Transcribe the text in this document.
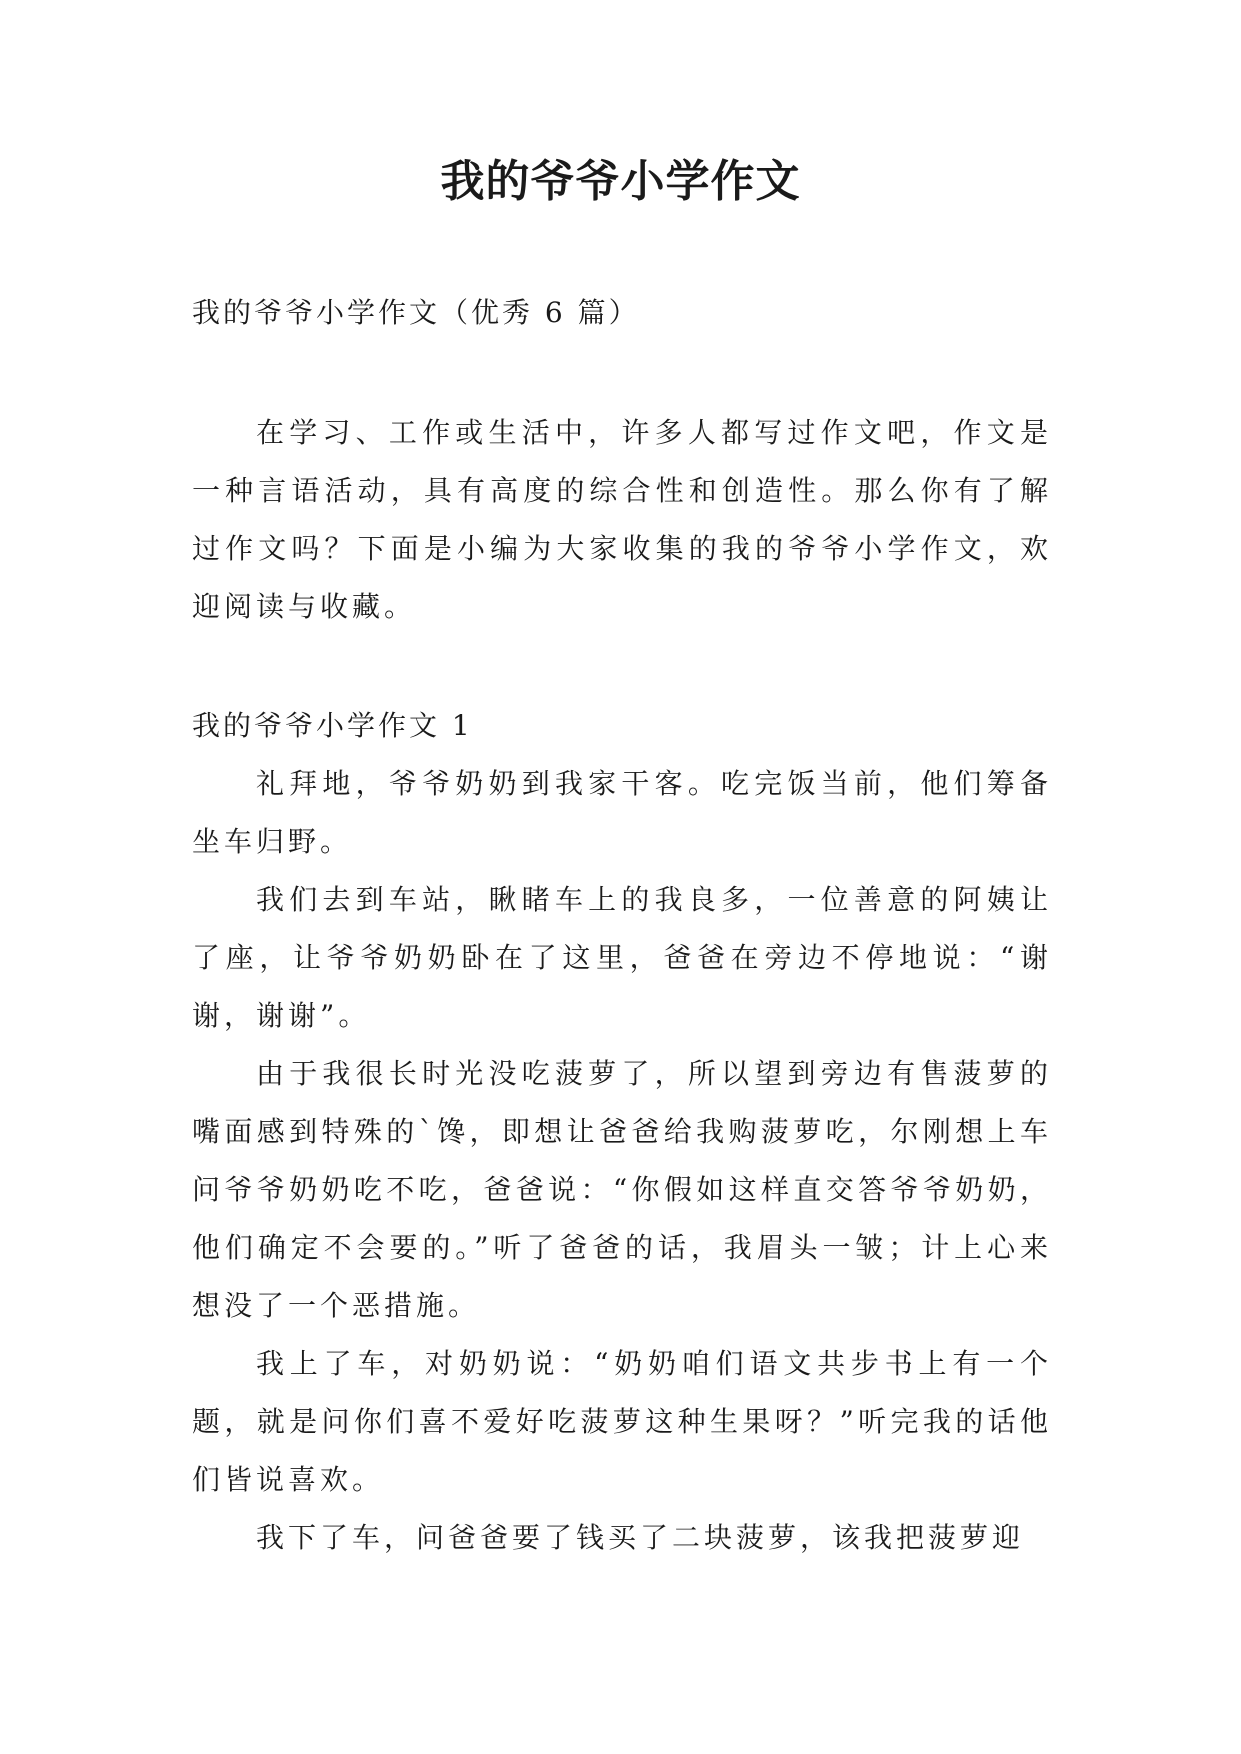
我的爷爷小学作文

我的爷爷小学作文（优秀 6 篇）

在学习、工作或生活中，许多人都写过作文吧，作文是一种言语活动，具有高度的综合性和创造性。那么你有了解过作文吗？下面是小编为大家收集的我的爷爷小学作文，欢迎阅读与收藏。

我的爷爷小学作文 1

礼拜地，爷爷奶奶到我家干客。吃完饭当前，他们筹备坐车归野。

我们去到车站，瞅睹车上的我良多，一位善意的阿姨让了座，让爷爷奶奶卧在了这里，爸爸在旁边不停地说：“谢谢，谢谢”。

由于我很长时光没吃菠萝了，所以望到旁边有售菠萝的嘴面感到特殊的`馋，即想让爸爸给我购菠萝吃，尔刚想上车问爷爷奶奶吃不吃，爸爸说：“你假如这样直交答爷爷奶奶，他们确定不会要的。”听了爸爸的话，我眉头一皱；计上心来想没了一个恶措施。

我上了车，对奶奶说：“奶奶咱们语文共步书上有一个题，就是问你们喜不爱好吃菠萝这种生果呀？”听完我的话他们皆说喜欢。

我下了车，问爸爸要了钱买了二块菠萝，该我把菠萝迎
